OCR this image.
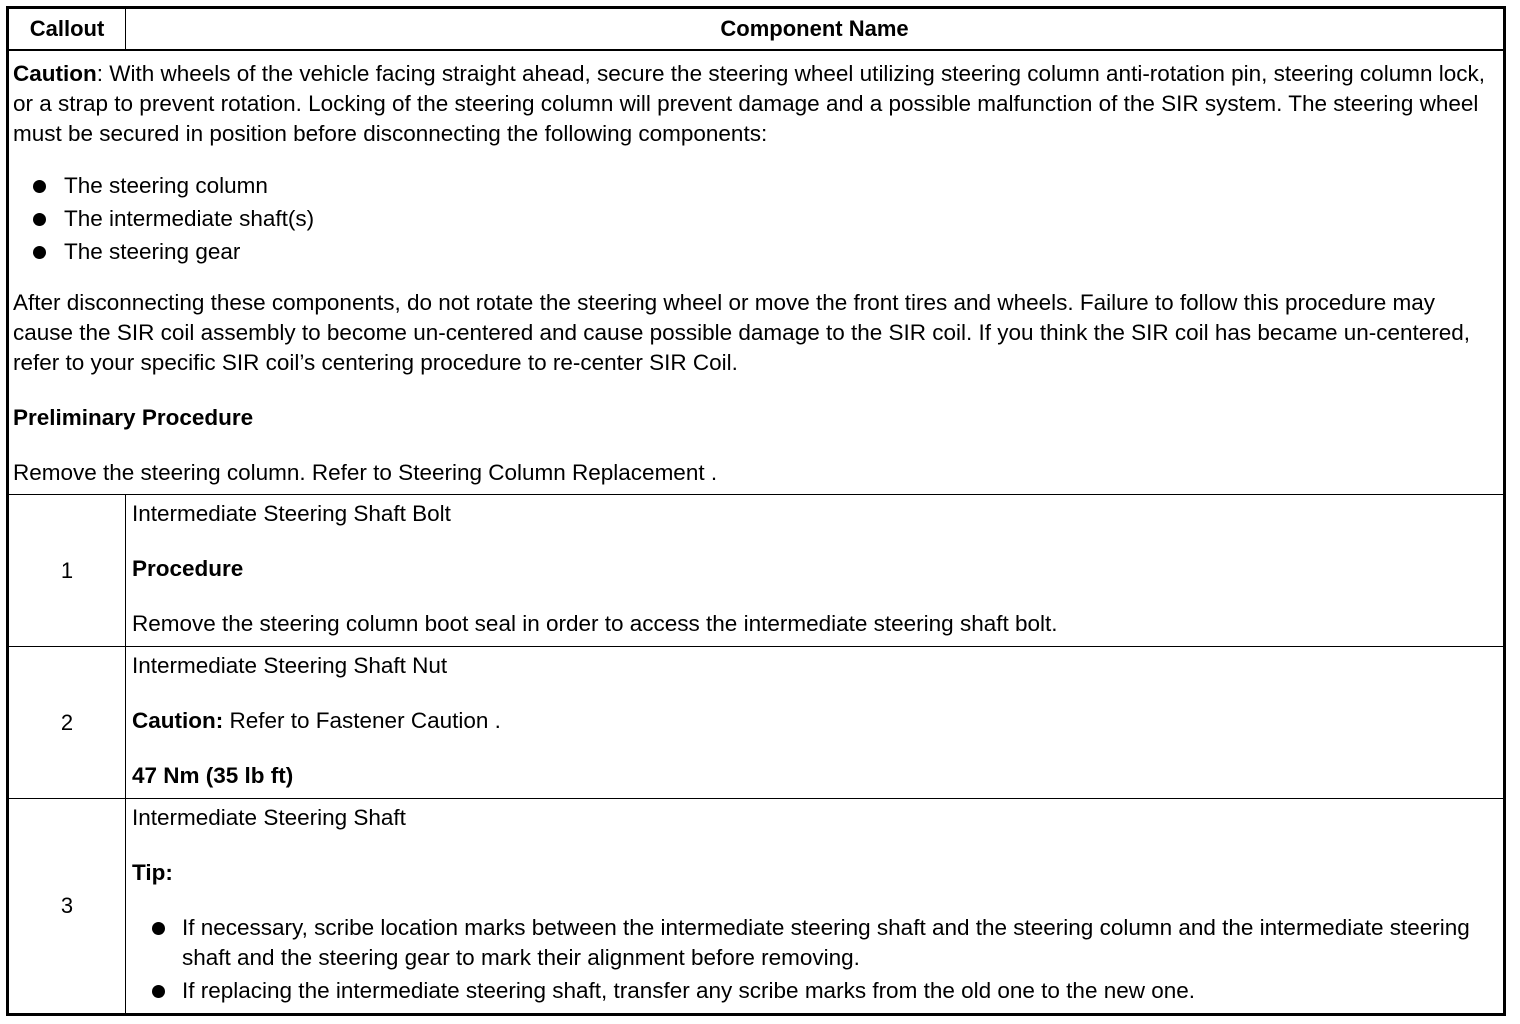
Callout	Component Name

Caution: With wheels of the vehicle facing straight ahead, secure the steering wheel utilizing steering column anti-rotation pin, steering column lock, or a strap to prevent rotation. Locking of the steering column will prevent damage and a possible malfunction of the SIR system. The steering wheel must be secured in position before disconnecting the following components:

The steering column
The intermediate shaft(s)
The steering gear

After disconnecting these components, do not rotate the steering wheel or move the front tires and wheels. Failure to follow this procedure may cause the SIR coil assembly to become un-centered and cause possible damage to the SIR coil. If you think the SIR coil has became un-centered, refer to your specific SIR coil’s centering procedure to re-center SIR Coil.

Preliminary Procedure

Remove the steering column. Refer to Steering Column Replacement .

1

Intermediate Steering Shaft Bolt

Procedure

Remove the steering column boot seal in order to access the intermediate steering shaft bolt.

2

Intermediate Steering Shaft Nut

Caution: Refer to Fastener Caution .

47 Nm (35 lb ft)

3

Intermediate Steering Shaft

Tip:

If necessary, scribe location marks between the intermediate steering shaft and the steering column and the intermediate steering shaft and the steering gear to mark their alignment before removing.
If replacing the intermediate steering shaft, transfer any scribe marks from the old one to the new one.
